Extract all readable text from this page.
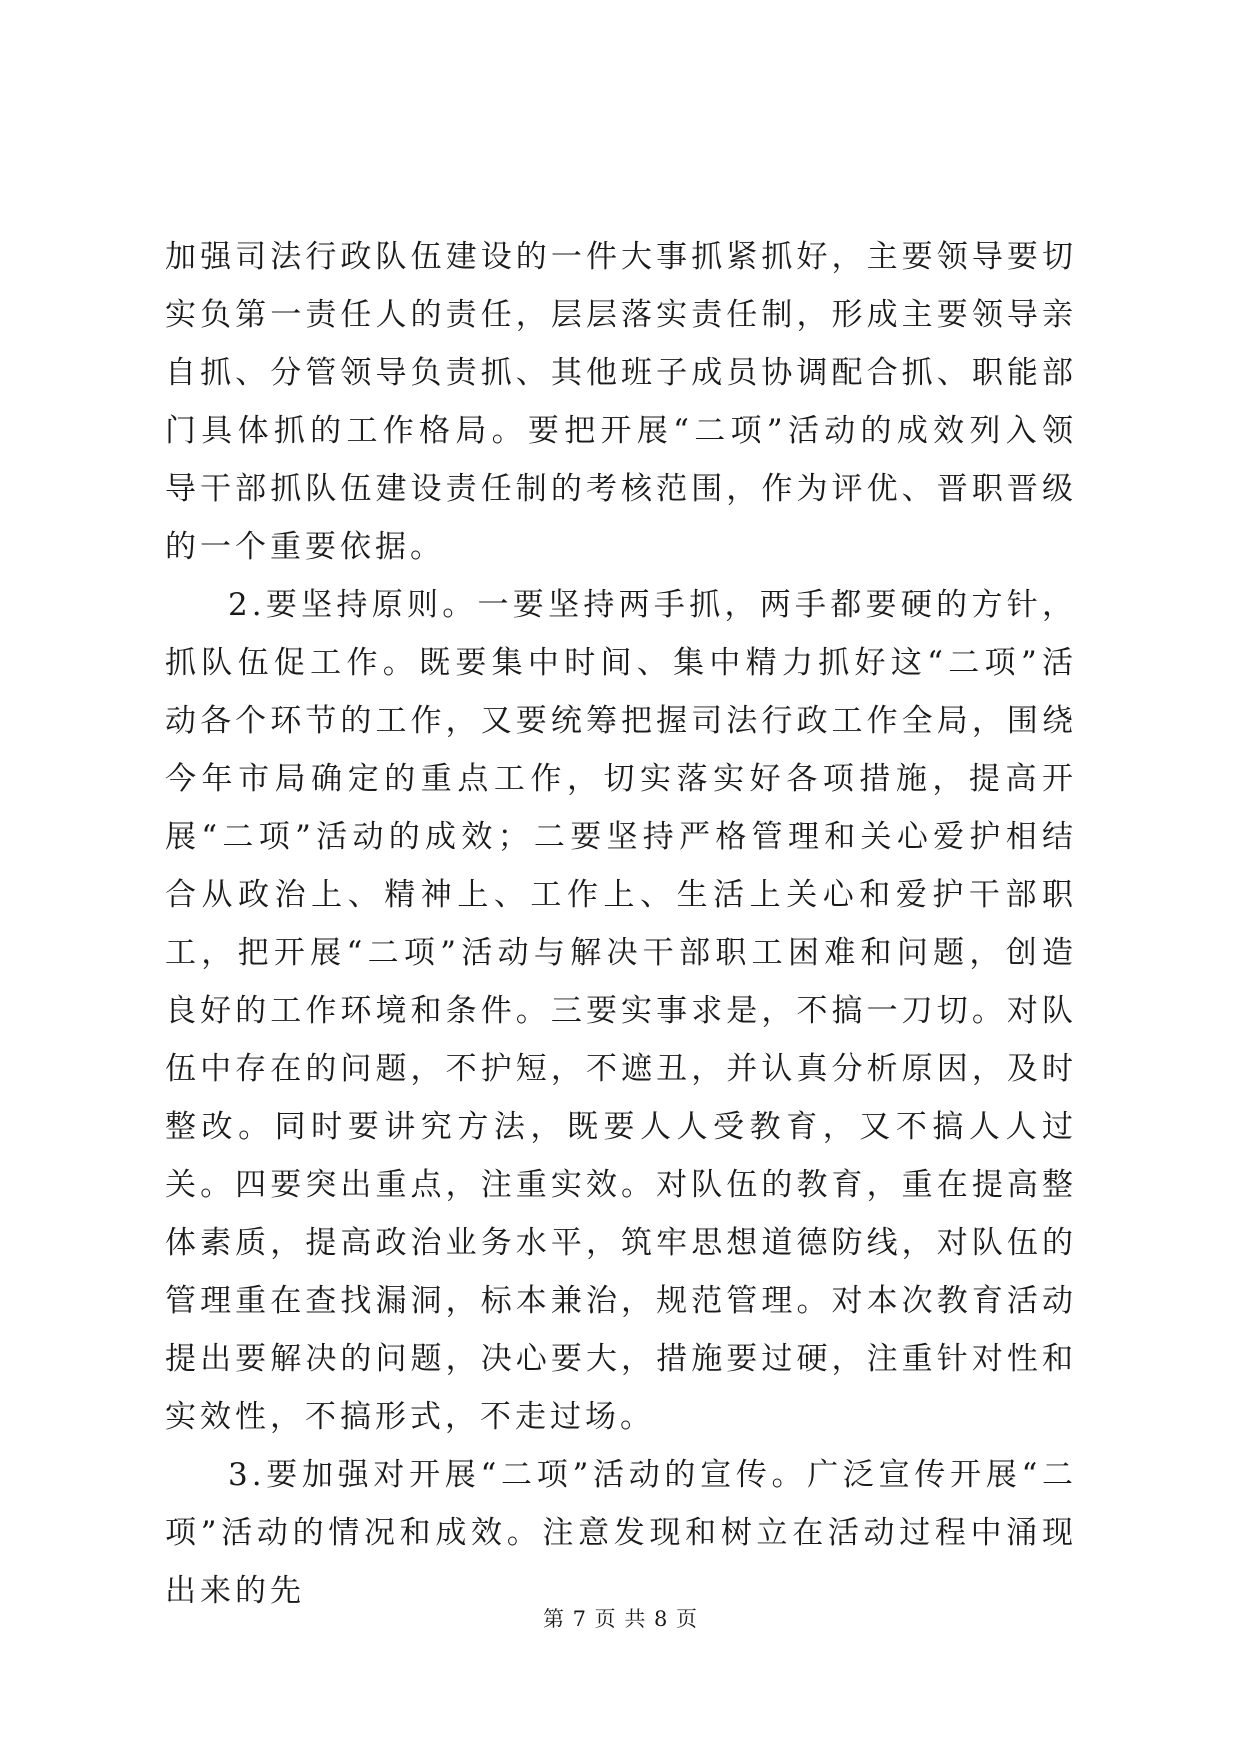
加强司法行政队伍建设的一件大事抓紧抓好，主要领导要切实负第一责任人的责任，层层落实责任制，形成主要领导亲自抓、分管领导负责抓、其他班子成员协调配合抓、职能部门具体抓的工作格局。要把开展“二项”活动的成效列入领导干部抓队伍建设责任制的考核范围，作为评优、晋职晋级的一个重要依据。

2.要坚持原则。一要坚持两手抓，两手都要硬的方针，抓队伍促工作。既要集中时间、集中精力抓好这“二项”活动各个环节的工作，又要统筹把握司法行政工作全局，围绕今年市局确定的重点工作，切实落实好各项措施，提高开展“二项”活动的成效；二要坚持严格管理和关心爱护相结合从政治上、精神上、工作上、生活上关心和爱护干部职工，把开展“二项”活动与解决干部职工困难和问题，创造良好的工作环境和条件。三要实事求是，不搞一刀切。对队伍中存在的问题，不护短，不遮丑，并认真分析原因，及时整改。同时要讲究方法，既要人人受教育，又不搞人人过关。四要突出重点，注重实效。对队伍的教育，重在提高整体素质，提高政治业务水平，筑牢思想道德防线，对队伍的管理重在查找漏洞，标本兼治，规范管理。对本次教育活动提出要解决的问题，决心要大，措施要过硬，注重针对性和实效性，不搞形式，不走过场。

3.要加强对开展“二项”活动的宣传。广泛宣传开展“二项”活动的情况和成效。注意发现和树立在活动过程中涌现出来的先

第 7 页 共 8 页
